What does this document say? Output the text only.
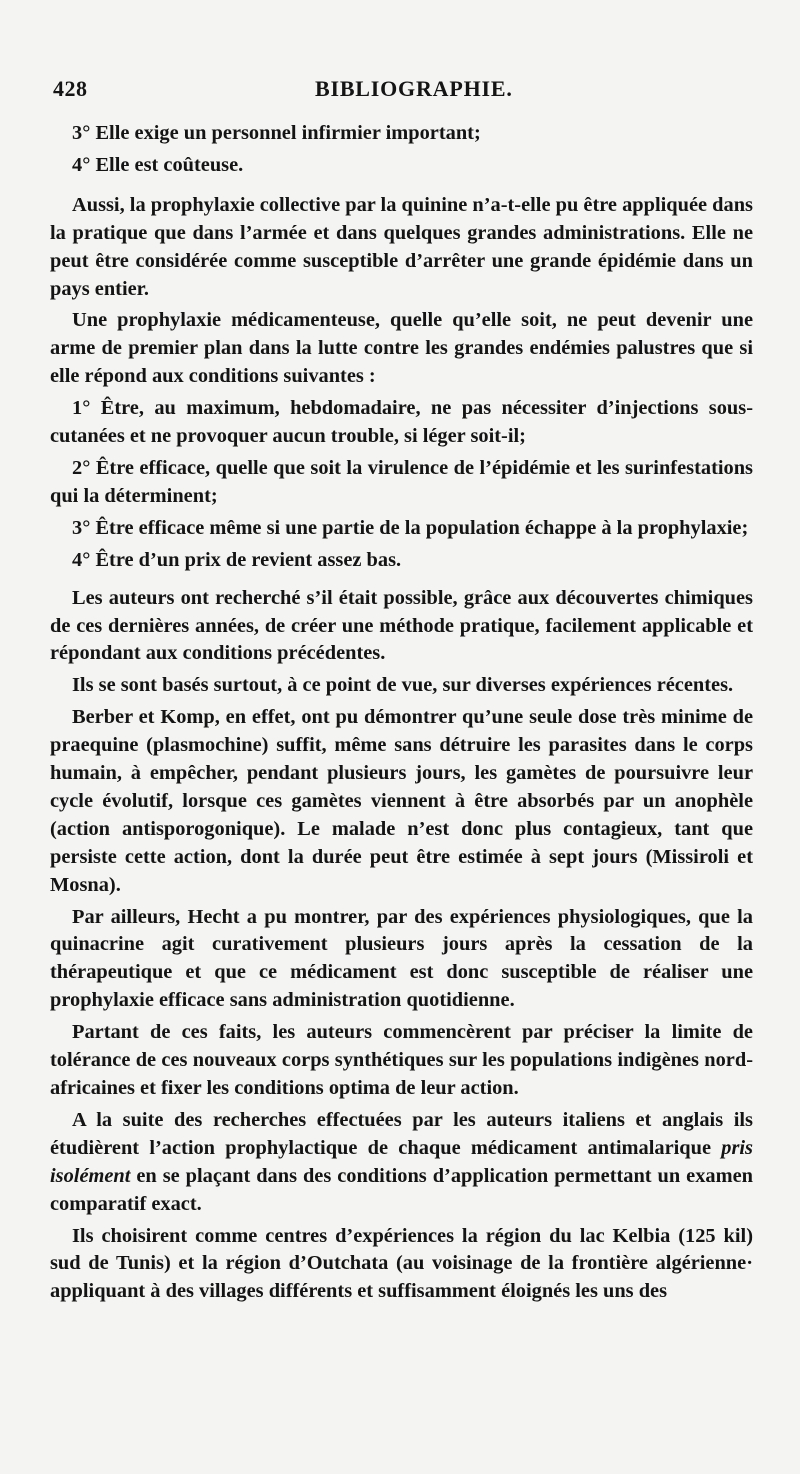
428	BIBLIOGRAPHIE.

3° Elle exige un personnel infirmier important;

4° Elle est coûteuse.

Aussi, la prophylaxie collective par la quinine n’a-t-elle pu être appliquée dans la pratique que dans l’armée et dans quelques grandes administrations. Elle ne peut être considérée comme susceptible d’arrêter une grande épidémie dans un pays entier.

Une prophylaxie médicamenteuse, quelle qu’elle soit, ne peut devenir une arme de premier plan dans la lutte contre les grandes endémies palustres que si elle répond aux conditions suivantes :

1° Être, au maximum, hebdomadaire, ne pas nécessiter d’injections sous-cutanées et ne provoquer aucun trouble, si léger soit-il;

2° Être efficace, quelle que soit la virulence de l’épidémie et les surinfestations qui la déterminent;

3° Être efficace même si une partie de la population échappe à la prophylaxie;

4° Être d’un prix de revient assez bas.

Les auteurs ont recherché s’il était possible, grâce aux découvertes chimiques de ces dernières années, de créer une méthode pratique, facilement applicable et répondant aux conditions précédentes.

Ils se sont basés surtout, à ce point de vue, sur diverses expériences récentes.

Berber et Komp, en effet, ont pu démontrer qu’une seule dose très minime de praequine (plasmochine) suffit, même sans détruire les parasites dans le corps humain, à empêcher, pendant plusieurs jours, les gamètes de poursuivre leur cycle évolutif, lorsque ces gamètes viennent à être absorbés par un anophèle (action antisporogonique). Le malade n’est donc plus contagieux, tant que persiste cette action, dont la durée peut être estimée à sept jours (Missiroli et Mosna).

Par ailleurs, Hecht a pu montrer, par des expériences physiologiques, que la quinacrine agit curativement plusieurs jours après la cessation de la thérapeutique et que ce médicament est donc susceptible de réaliser une prophylaxie efficace sans administration quotidienne.

Partant de ces faits, les auteurs commencèrent par préciser la limite de tolérance de ces nouveaux corps synthétiques sur les populations indigènes nord-africaines et fixer les conditions optima de leur action.

A la suite des recherches effectuées par les auteurs italiens et anglais ils étudièrent l’action prophylactique de chaque médicament antimalarique pris isolément en se plaçant dans des conditions d’application permettant un examen comparatif exact.

Ils choisirent comme centres d’expériences la région du lac Kelbia (125 kil) sud de Tunis) et la région d’Outchata (au voisinage de la frontière algérienne· appliquant à des villages différents et suffisamment éloignés les uns des
